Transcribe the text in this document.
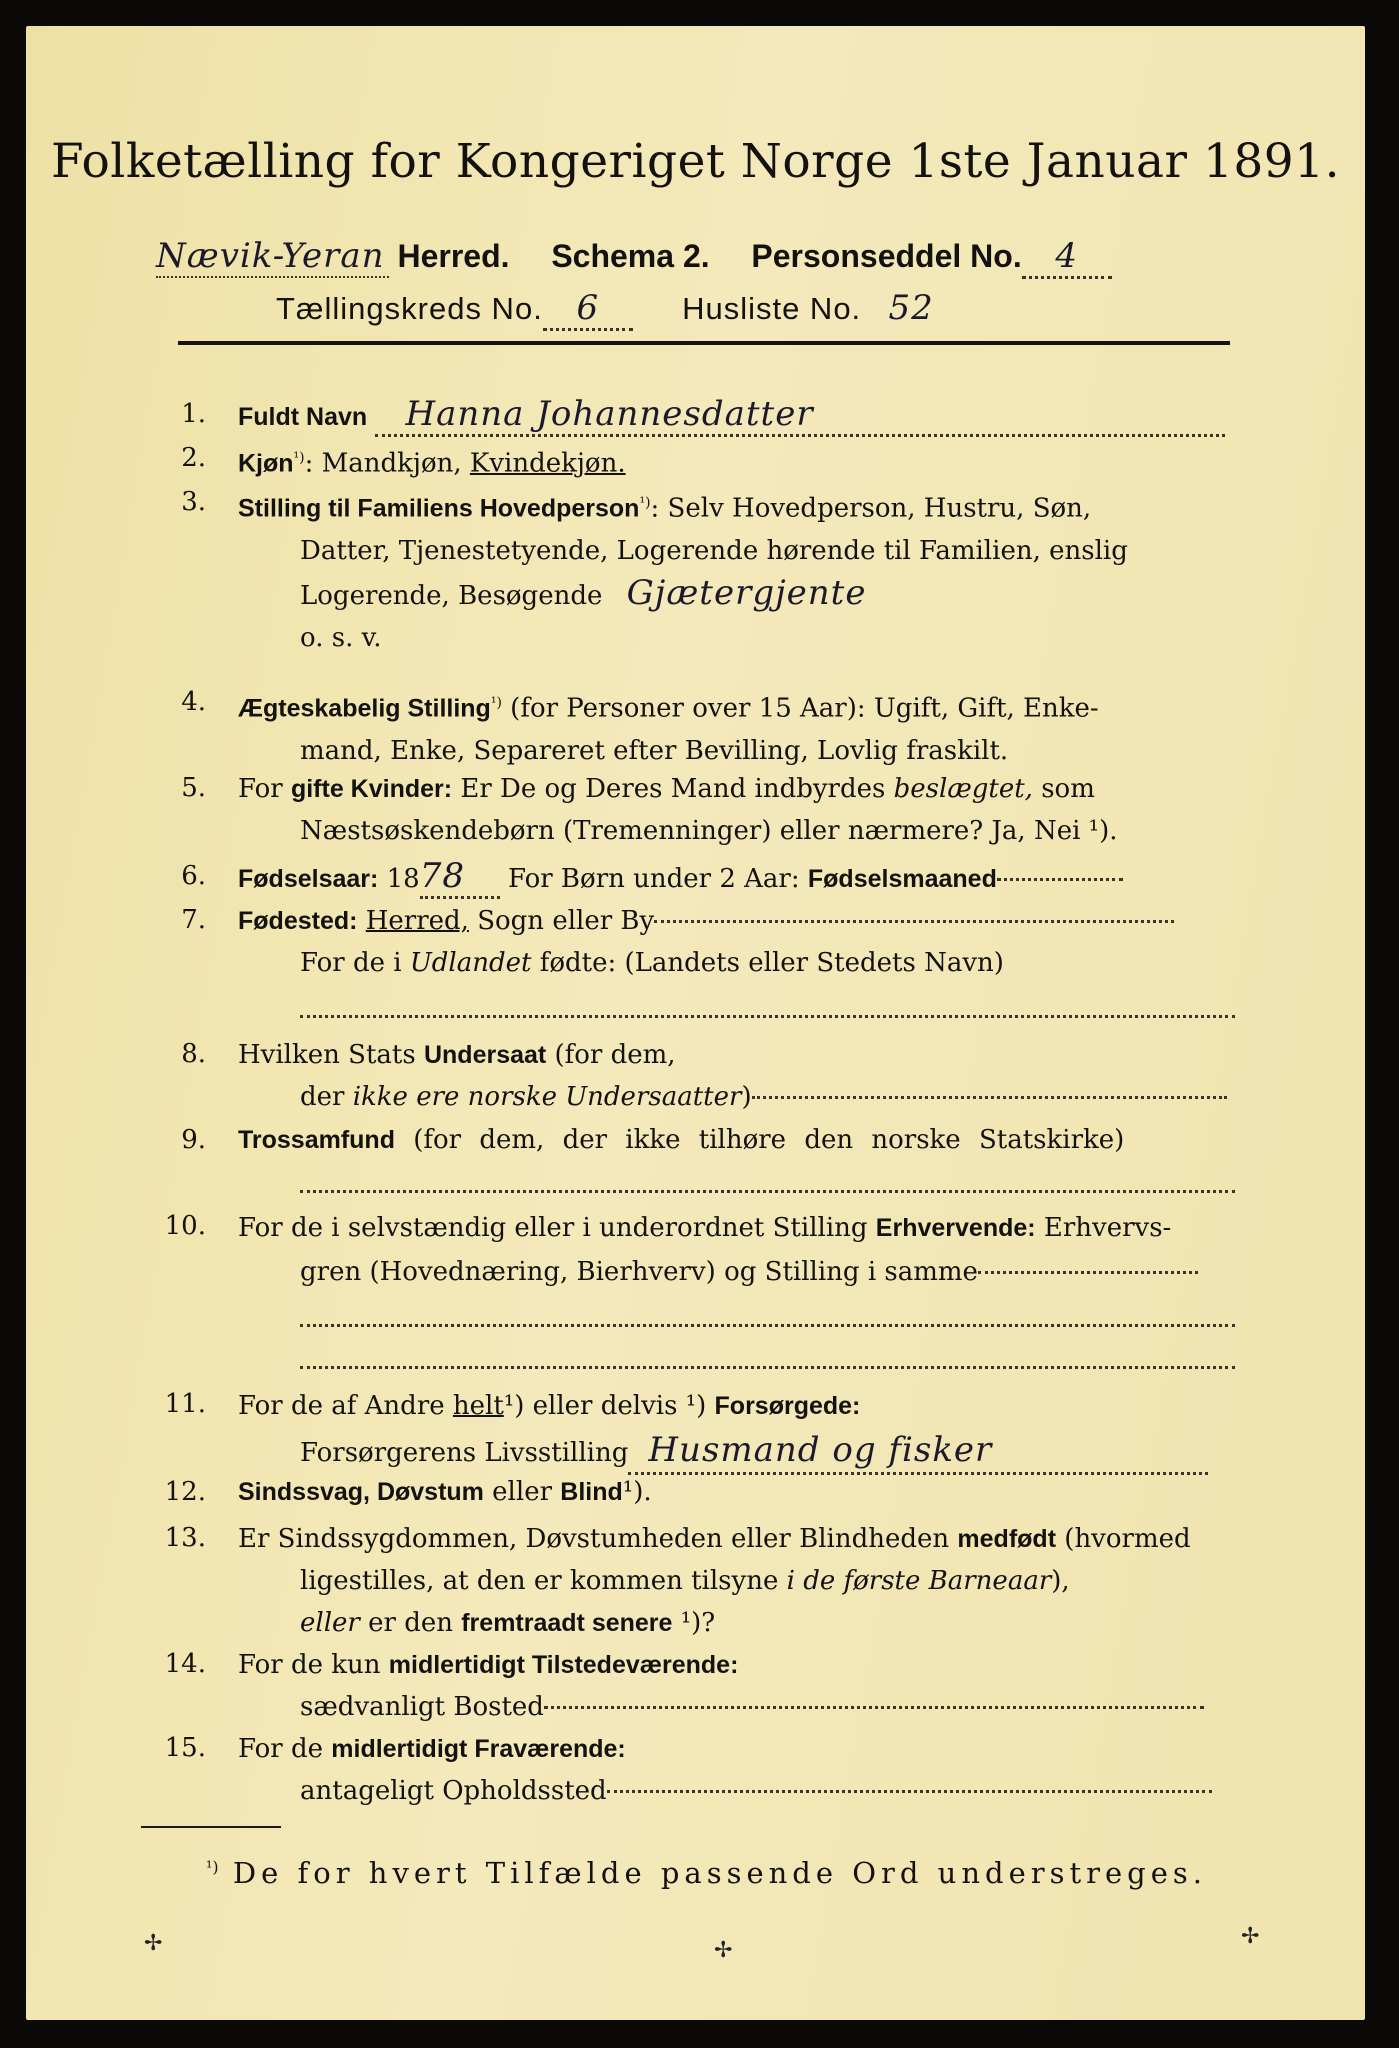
Folketælling for Kongeriget Norge 1ste Januar 1891.
Nævik-Yeran Herred. Schema 2. Personseddel No. 4
Tællingskreds No. 6	Husliste No. 52
1. Fuldt Navn Hanna Johannesdatter
2. Kjøn$^{^1)}$: Mandkjøn, Kvindekjøn.
3. Stilling til Familiens Hovedperson$^{^1)}$: Selv Hovedperson, Hustru, Søn,
Datter, Tjenestetyende, Logerende hørende til Familien, enslig
Logerende, Besøgende Gjætergjente
o. s. v.
4. Ægteskabelig Stilling$^{^1)}$ (for Personer over 15 Aar): Ugift, Gift, Enke-
mand, Enke, Separeret efter Bevilling, Lovlig fraskilt.
5. For gifte Kvinder: Er De og Deres Mand indbyrdes beslægtet, som
Næstsøskendebørn (Tremenninger) eller nærmere? Ja, Nei ¹).
6. Fødselsaar: 1878 For Børn under 2 Aar: Fødselsmaaned
7. Fødested: Herred, Sogn eller By
For de i Udlandet fødte: (Landets eller Stedets Navn)
8. Hvilken Stats Undersaat (for dem,
der ikke ere norske Undersaatter)
9. Trossamfund (for dem, der ikke tilhøre den norske Statskirke)
10. For de i selvstændig eller i underordnet Stilling Erhvervende: Erhvervs-
gren (Hovednæring, Bierhverv) og Stilling i samme
11. For de af Andre helt¹) eller delvis ¹) Forsørgede:
Forsørgerens Livsstilling Husmand og fisker
12. Sindssvag, Døvstum eller Blind¹).
13. Er Sindssygdommen, Døvstumheden eller Blindheden medfødt (hvormed
ligestilles, at den er kommen tilsyne i de første Barneaar),
eller er den fremtraadt senere ¹)?
14. For de kun midlertidigt Tilstedeværende:
sædvanligt Bosted
15. For de midlertidigt Fraværende:
antageligt Opholdssted
$^{^1)}$ De for hvert Tilfælde passende Ord understreges.
✢	✢
✢
